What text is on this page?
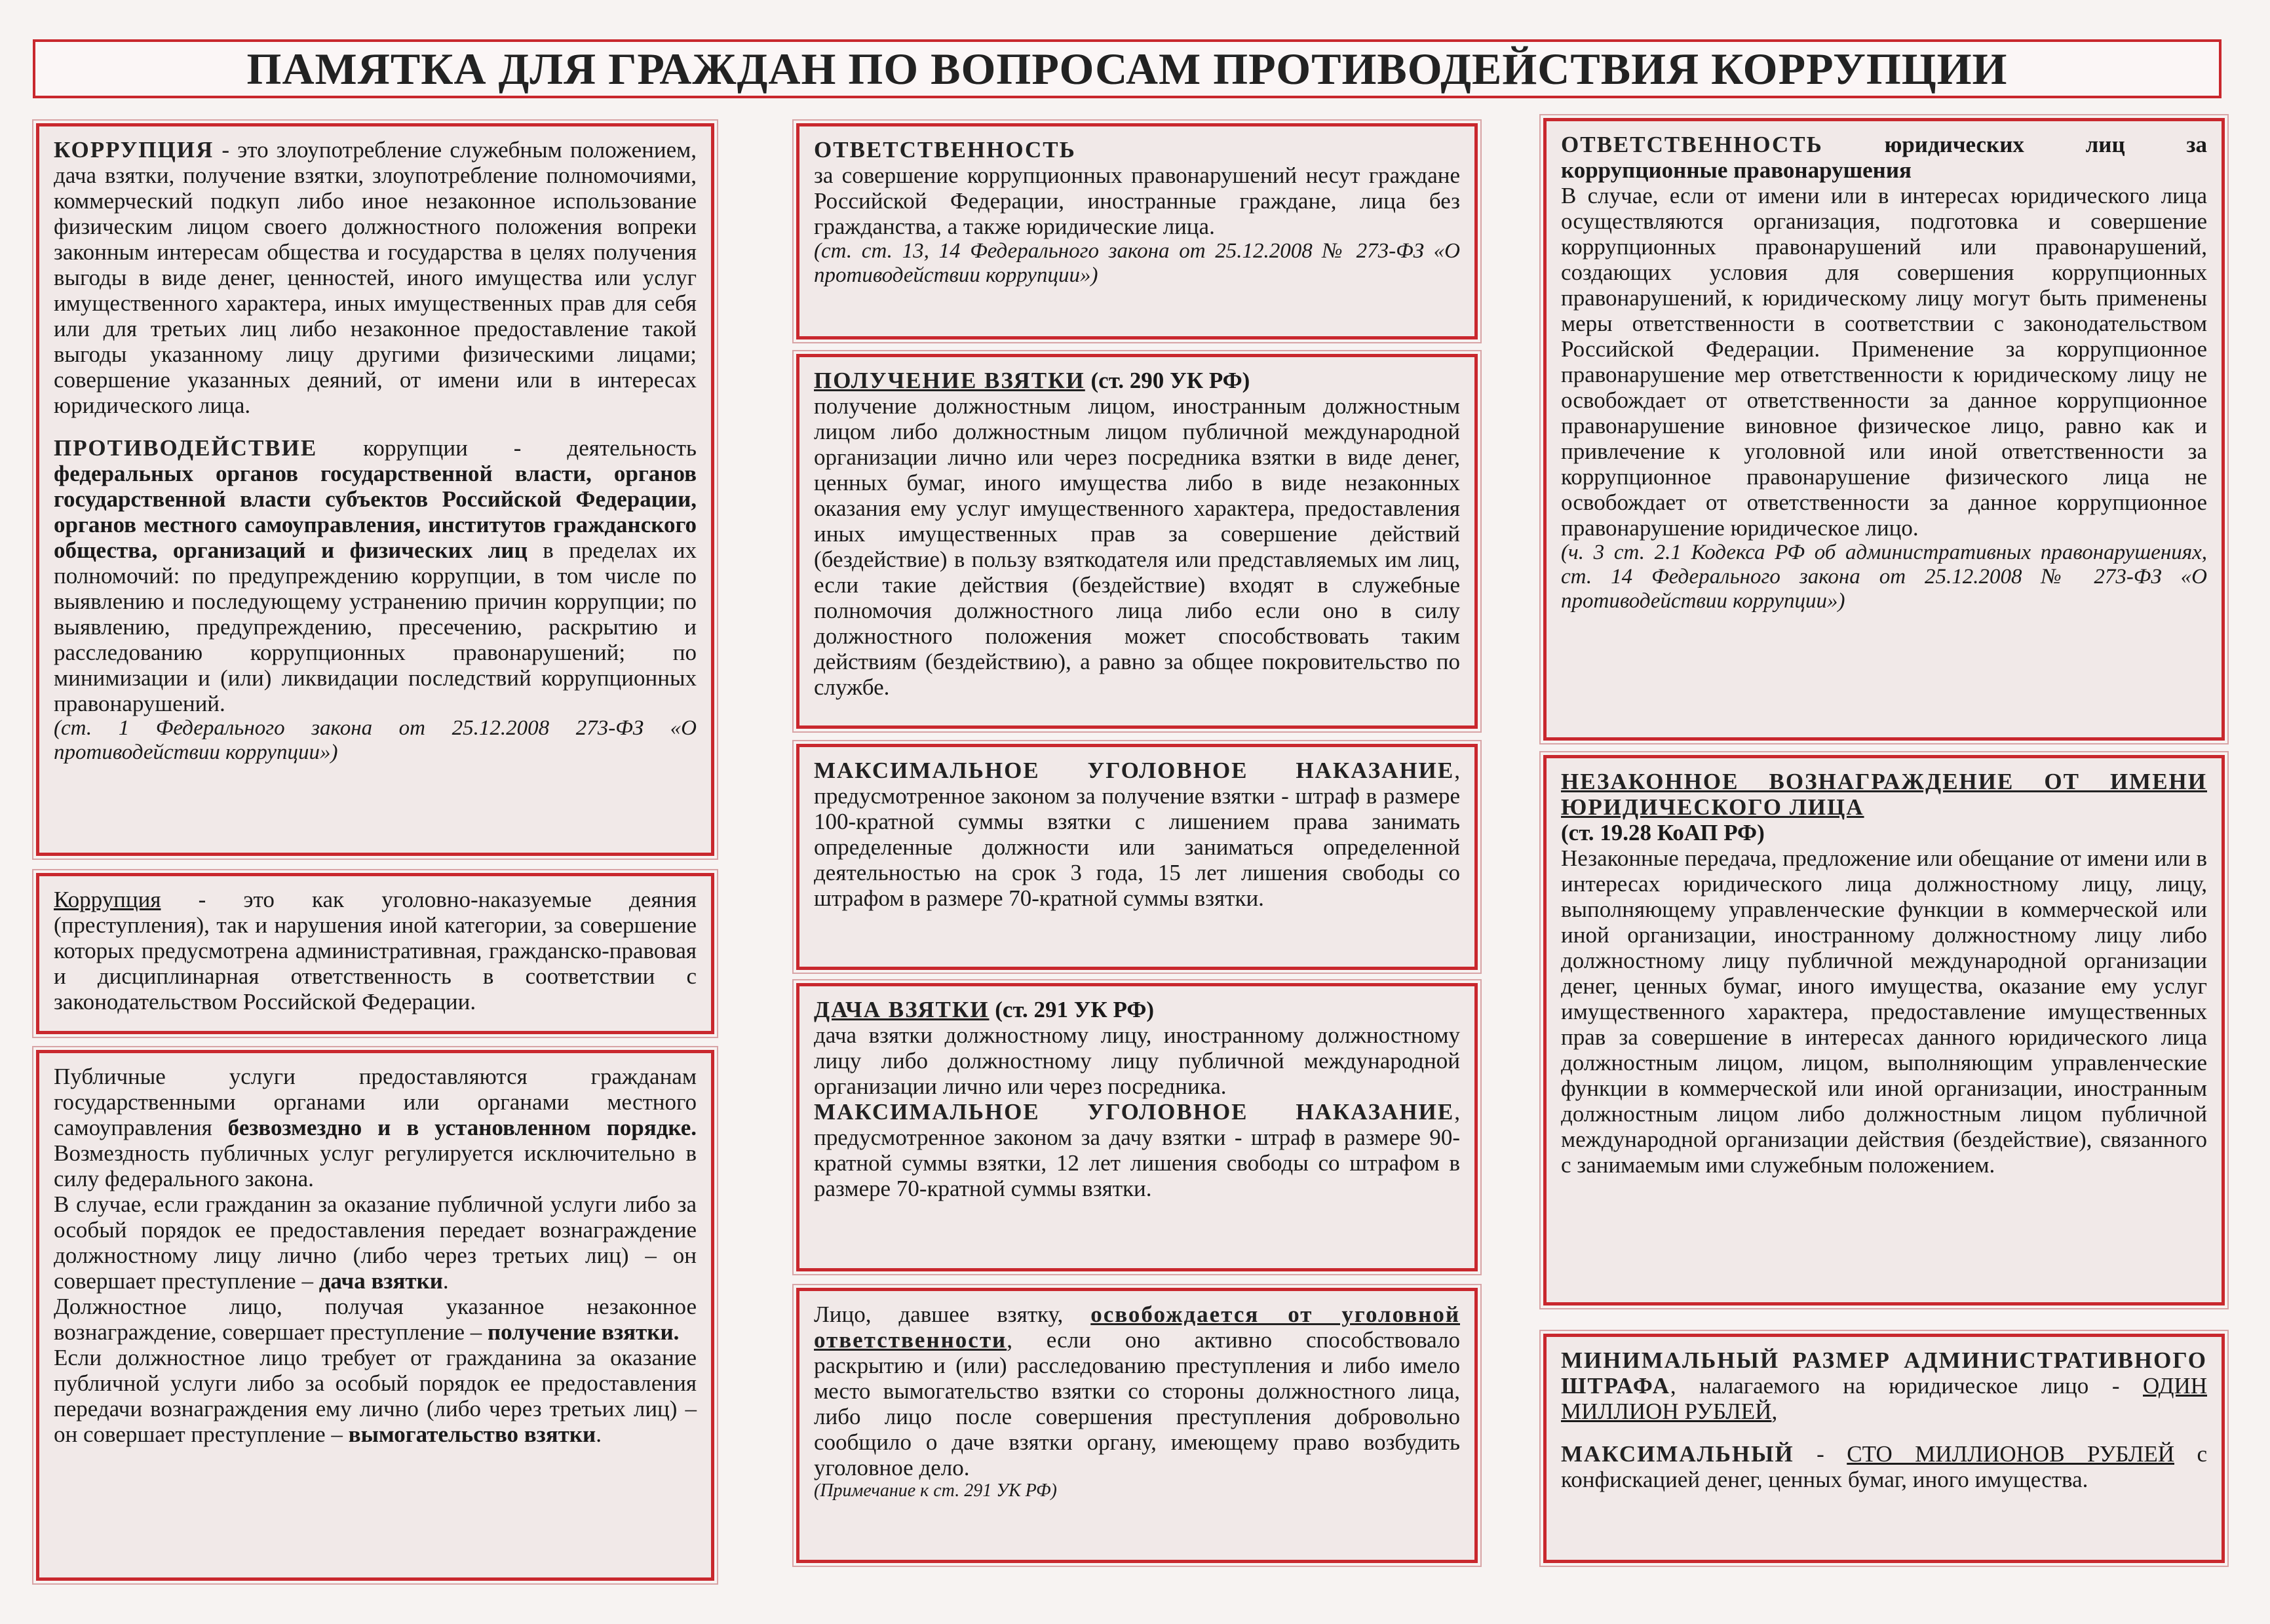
ПАМЯТКА ДЛЯ ГРАЖДАН ПО ВОПРОСАМ ПРОТИВОДЕЙСТВИЯ КОРРУПЦИИ

КОРРУПЦИЯ - это злоупотребление служебным положением, дача взятки, получение взятки, злоупотребление полномочиями, коммерческий подкуп либо иное незаконное использование физическим лицом своего должностного положения вопреки законным интересам общества и государства в целях получения выгоды в виде денег, ценностей, иного имущества или услуг имущественного характера, иных имущественных прав для себя или для третьих лиц либо незаконное предоставление такой выгоды указанному лицу другими физическими лицами; совершение указанных деяний, от имени или в интересах юридического лица.

ПРОТИВОДЕЙСТВИЕ коррупции - деятельность федеральных органов государственной власти, органов государственной власти субъектов Российской Федерации, органов местного самоуправления, институтов гражданского общества, организаций и физических лиц в пределах их полномочий: по предупреждению коррупции, в том числе по выявлению и последующему устранению причин коррупции; по выявлению, предупреждению, пресечению, раскрытию и расследованию коррупционных правонарушений; по минимизации и (или) ликвидации последствий коррупционных правонарушений.

(ст. 1 Федерального закона от 25.12.2008 273-ФЗ «О противодействии коррупции»)

Коррупция - это как уголовно-наказуемые деяния (преступления), так и нарушения иной категории, за совершение которых предусмотрена административная, гражданско-правовая и дисциплинарная ответственность в соответствии с законодательством Российской Федерации.

Публичные услуги предоставляются гражданам государственными органами или органами местного самоуправления безвозмездно и в установленном порядке. Возмездность публичных услуг регулируется исключительно в силу федерального закона.

В случае, если гражданин за оказание публичной услуги либо за особый порядок ее предоставления передает вознаграждение должностному лицу лично (либо через третьих лиц) – он совершает преступление – дача взятки.

Должностное лицо, получая указанное незаконное вознаграждение, совершает преступление – получение взятки.

Если должностное лицо требует от гражданина за оказание публичной услуги либо за особый порядок ее предоставления передачи вознаграждения ему лично (либо через третьих лиц) – он совершает преступление – вымогательство взятки.

ОТВЕТСТВЕННОСТЬ

за совершение коррупционных правонарушений несут граждане Российской Федерации, иностранные граждане, лица без гражданства, а также юридические лица.

(ст. ст. 13, 14 Федерального закона от 25.12.2008 № 273-ФЗ «О противодействии коррупции»)

ПОЛУЧЕНИЕ ВЗЯТКИ (ст. 290 УК РФ)

получение должностным лицом, иностранным должностным лицом либо должностным лицом публичной международной организации лично или через посредника взятки в виде денег, ценных бумаг, иного имущества либо в виде незаконных оказания ему услуг имущественного характера, предоставления иных имущественных прав за совершение действий (бездействие) в пользу взяткодателя или представляемых им лиц, если такие действия (бездействие) входят в служебные полномочия должностного лица либо если оно в силу должностного положения может способствовать таким действиям (бездействию), а равно за общее покровительство по службе.

МАКСИМАЛЬНОЕ УГОЛОВНОЕ НАКАЗАНИЕ, предусмотренное законом за получение взятки - штраф в размере 100-кратной суммы взятки с лишением права занимать определенные должности или заниматься определенной деятельностью на срок 3 года, 15 лет лишения свободы со штрафом в размере 70-кратной суммы взятки.

ДАЧА ВЗЯТКИ (ст. 291 УК РФ)

дача взятки должностному лицу, иностранному должностному лицу либо должностному лицу публичной международной организации лично или через посредника.

МАКСИМАЛЬНОЕ УГОЛОВНОЕ НАКАЗАНИЕ, предусмотренное законом за дачу взятки - штраф в размере 90-кратной суммы взятки, 12 лет лишения свободы со штрафом в размере 70-кратной суммы взятки.

Лицо, давшее взятку, освобождается от уголовной ответственности, если оно активно способствовало раскрытию и (или) расследованию преступления и либо имело место вымогательство взятки со стороны должностного лица, либо лицо после совершения преступления добровольно сообщило о даче взятки органу, имеющему право возбудить уголовное дело.

(Примечание к ст. 291 УК РФ)

ОТВЕТСТВЕННОСТЬ юридических лиц за коррупционные правонарушения

В случае, если от имени или в интересах юридического лица осуществляются организация, подготовка и совершение коррупционных правонарушений или правонарушений, создающих условия для совершения коррупционных правонарушений, к юридическому лицу могут быть применены меры ответственности в соответствии с законодательством Российской Федерации. Применение за коррупционное правонарушение мер ответственности к юридическому лицу не освобождает от ответственности за данное коррупционное правонарушение виновное физическое лицо, равно как и привлечение к уголовной или иной ответственности за коррупционное правонарушение физического лица не освобождает от ответственности за данное коррупционное правонарушение юридическое лицо.

(ч. 3 ст. 2.1 Кодекса РФ об административных правонарушениях, ст. 14 Федерального закона от 25.12.2008 № 273-ФЗ «О противодействии коррупции»)

НЕЗАКОННОЕ ВОЗНАГРАЖДЕНИЕ ОТ ИМЕНИ ЮРИДИЧЕСКОГО ЛИЦА

(ст. 19.28 КоАП РФ)

Незаконные передача, предложение или обещание от имени или в интересах юридического лица должностному лицу, лицу, выполняющему управленческие функции в коммерческой или иной организации, иностранному должностному лицу либо должностному лицу публичной международной организации денег, ценных бумаг, иного имущества, оказание ему услуг имущественного характера, предоставление имущественных прав за совершение в интересах данного юридического лица должностным лицом, лицом, выполняющим управленческие функции в коммерческой или иной организации, иностранным должностным лицом либо должностным лицом публичной международной организации действия (бездействие), связанного с занимаемым ими служебным положением.

МИНИМАЛЬНЫЙ РАЗМЕР АДМИНИСТРАТИВНОГО ШТРАФА, налагаемого на юридическое лицо - ОДИН МИЛЛИОН РУБЛЕЙ,

МАКСИМАЛЬНЫЙ - СТО МИЛЛИОНОВ РУБЛЕЙ с конфискацией денег, ценных бумаг, иного имущества.
